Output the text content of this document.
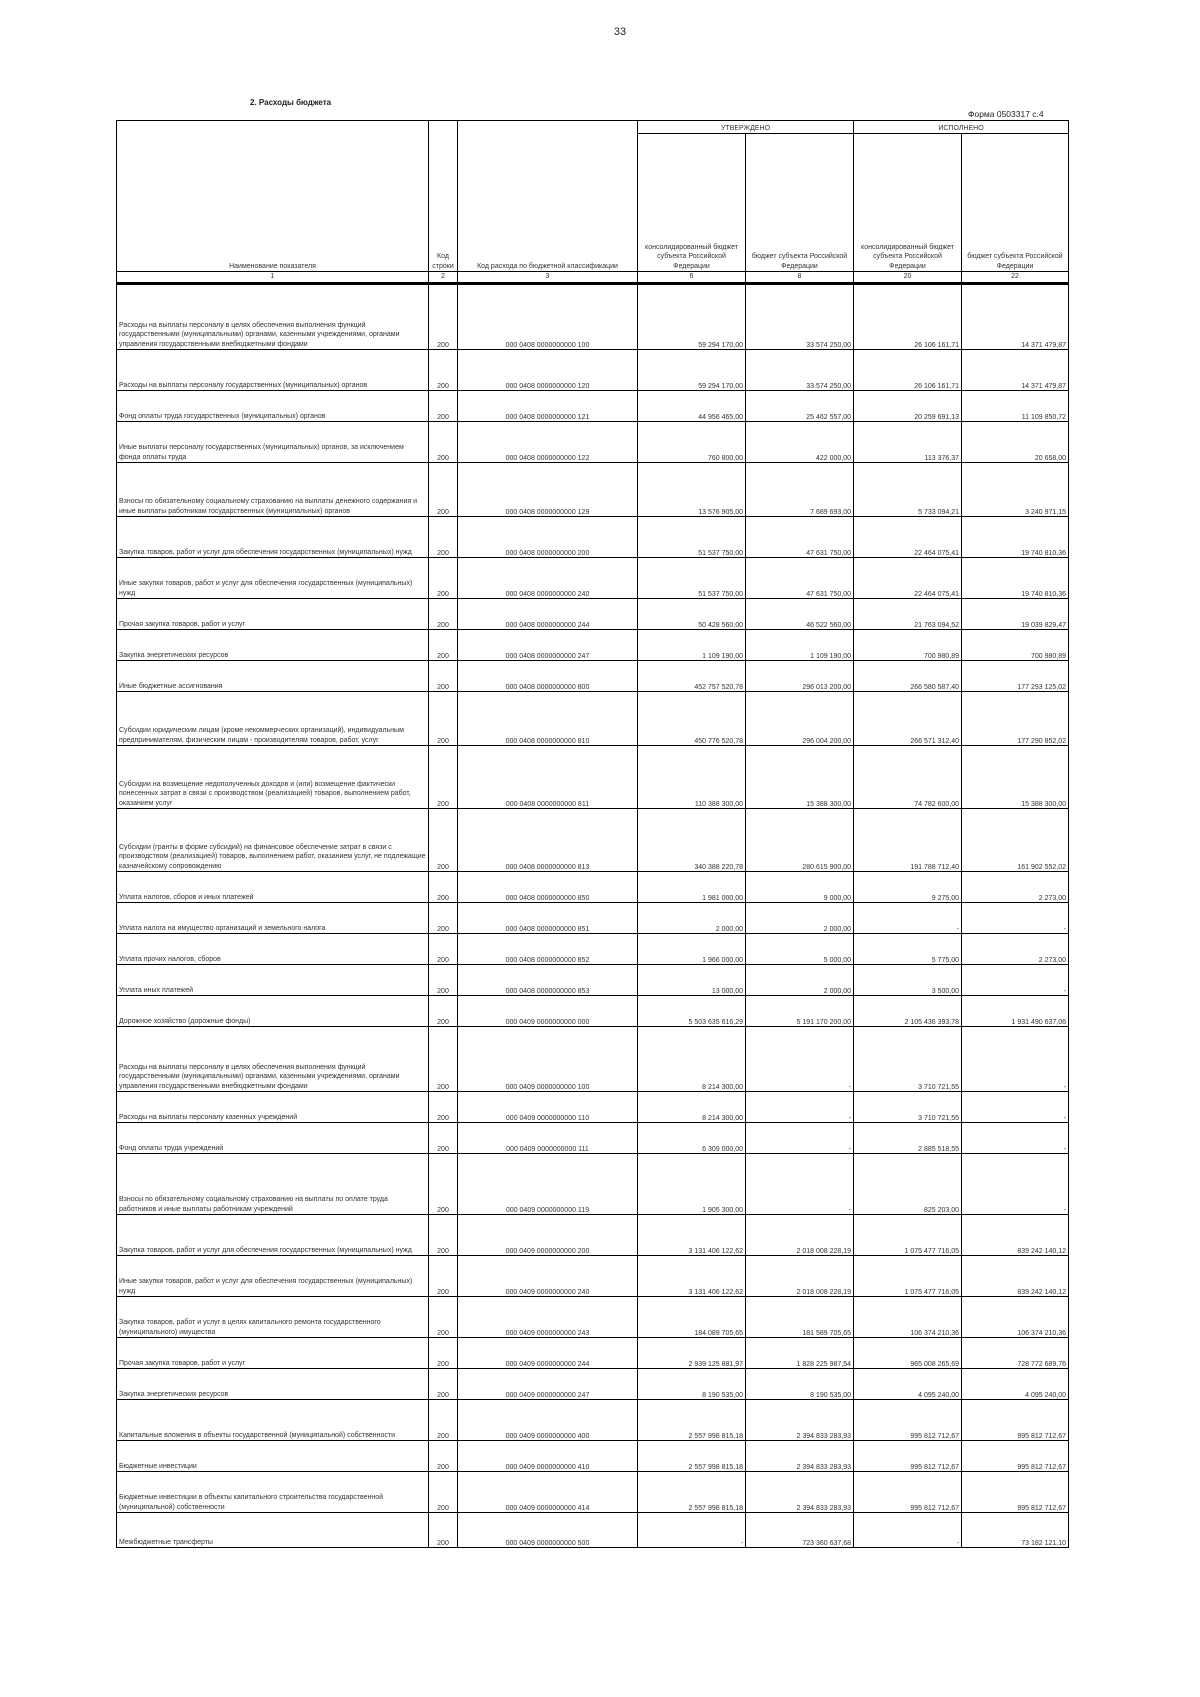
33
2. Расходы бюджета
Форма 0503317 с.4
Наименование показателя	Код строки	Код расхода по бюджетной классификации	УТВЕРЖДЕНО		ИСПОЛНЕНО	
			консолидированный бюджет субъекта Российской Федерации	бюджет субъекта Российской Федерации	консолидированный бюджет субъекта Российской Федерации	бюджет субъекта Российской Федерации
1	2	3	6	8	20	22
Расходы на выплаты персоналу в целях обеспечения выполнения функций государственными (муниципальными) органами, казенными учреждениями, органами управления государственными внебюджетными фондами	200	000 0408 0000000000 100	59 294 170,00	33 574 250,00	26 106 161,71	14 371 479,87
Расходы на выплаты персоналу государственных (муниципальных) органов	200	000 0408 0000000000 120	59 294 170,00	33 574 250,00	26 106 161,71	14 371 479,87
Фонд оплаты труда государственных (муниципальных) органов	200	000 0408 0000000000 121	44 956 465,00	25 462 557,00	20 259 691,13	11 109 850,72
Иные выплаты персоналу государственных (муниципальных) органов, за исключением фонда оплаты труда	200	000 0408 0000000000 122	760 800,00	422 000,00	113 376,37	20 658,00
Взносы по обязательному социальному страхованию на выплаты денежного содержания и иные выплаты работникам государственных (муниципальных) органов	200	000 0408 0000000000 129	13 576 905,00	7 689 693,00	5 733 094,21	3 240 971,15
Закупка товаров, работ и услуг для обеспечения государственных (муниципальных) нужд	200	000 0408 0000000000 200	51 537 750,00	47 631 750,00	22 464 075,41	19 740 810,36
Иные закупки товаров, работ и услуг для обеспечения государственных (муниципальных) нужд	200	000 0408 0000000000 240	51 537 750,00	47 631 750,00	22 464 075,41	19 740 810,36
Прочая закупка товаров, работ и услуг	200	000 0408 0000000000 244	50 428 560,00	46 522 560,00	21 763 094,52	19 039 829,47
Закупка энергетических ресурсов	200	000 0408 0000000000 247	1 109 190,00	1 109 190,00	700 980,89	700 980,89
Иные бюджетные ассигнования	200	000 0408 0000000000 800	452 757 520,78	296 013 200,00	266 580 587,40	177 293 125,02
Субсидии юридическим лицам (кроме некоммерческих организаций), индивидуальным предпринимателям, физическим лицам - производителям товаров, работ, услуг	200	000 0408 0000000000 810	450 776 520,78	296 004 200,00	266 571 312,40	177 290 852,02
Субсидии на возмещение недополученных доходов и (или) возмещение фактически понесенных затрат в связи с производством (реализацией) товаров, выполнением работ, оказанием услуг	200	000 0408 0000000000 811	110 388 300,00	15 388 300,00	74 782 600,00	15 388 300,00
Субсидии (гранты в форме субсидий) на финансовое обеспечение затрат в связи с производством (реализацией) товаров, выполнением работ, оказанием услуг, не подлежащие казначейскому сопровождению	200	000 0408 0000000000 813	340 388 220,78	280 615 900,00	191 788 712,40	161 902 552,02
Уплата налогов, сборов и иных платежей	200	000 0408 0000000000 850	1 981 000,00	9 000,00	9 275,00	2 273,00
Уплата налога на имущество организаций и земельного налога	200	000 0408 0000000000 851	2 000,00	2 000,00	-	-
Уплата прочих налогов, сборов	200	000 0408 0000000000 852	1 966 000,00	5 000,00	5 775,00	2 273,00
Уплата иных платежей	200	000 0408 0000000000 853	13 000,00	2 000,00	3 500,00	-
Дорожное хозяйство (дорожные фонды)	200	000 0409 0000000000 000	5 503 635 616,29	5 191 170 200,00	2 105 436 393,78	1 931 490 637,06
Расходы на выплаты персоналу в целях обеспечения выполнения функций государственными (муниципальными) органами, казенными учреждениями, органами управления государственными внебюджетными фондами	200	000 0409 0000000000 100	8 214 300,00	-	3 710 721,55	-
Расходы на выплаты персоналу казенных учреждений	200	000 0409 0000000000 110	8 214 300,00	-	3 710 721,55	-
Фонд оплаты труда учреждений	200	000 0409 0000000000 111	6 309 000,00	-	2 885 518,55	-
Взносы по обязательному социальному страхованию на выплаты по оплате труда работников и иные выплаты работникам учреждений	200	000 0409 0000000000 119	1 905 300,00	-	825 203,00	-
Закупка товаров, работ и услуг для обеспечения государственных (муниципальных) нужд	200	000 0409 0000000000 200	3 131 406 122,62	2 018 008 228,19	1 075 477 716,05	839 242 140,12
Иные закупки товаров, работ и услуг для обеспечения государственных (муниципальных) нужд	200	000 0409 0000000000 240	3 131 406 122,62	2 018 008 228,19	1 075 477 716,05	839 242 140,12
Закупка товаров, работ и услуг в целях капитального ремонта государственного (муниципального) имущества	200	000 0409 0000000000 243	184 089 705,65	181 589 705,65	106 374 210,36	106 374 210,36
Прочая закупка товаров, работ и услуг	200	000 0409 0000000000 244	2 939 125 881,97	1 828 225 987,54	965 008 265,69	728 772 689,76
Закупка энергетических ресурсов	200	000 0409 0000000000 247	8 190 535,00	8 190 535,00	4 095 240,00	4 095 240,00
Капитальные вложения в объекты государственной (муниципальной) собственности	200	000 0409 0000000000 400	2 557 998 815,18	2 394 833 283,93	995 812 712,67	995 812 712,67
Бюджетные инвестиции	200	000 0409 0000000000 410	2 557 998 815,18	2 394 833 283,93	995 812 712,67	995 812 712,67
Бюджетные инвестиции в объекты капитального строительства государственной (муниципальной) собственности	200	000 0409 0000000000 414	2 557 998 815,18	2 394 833 283,93	995 812 712,67	995 812 712,67
Межбюджетные трансферты	200	000 0409 0000000000 500	-	723 360 637,68	-	73 182 121,10
